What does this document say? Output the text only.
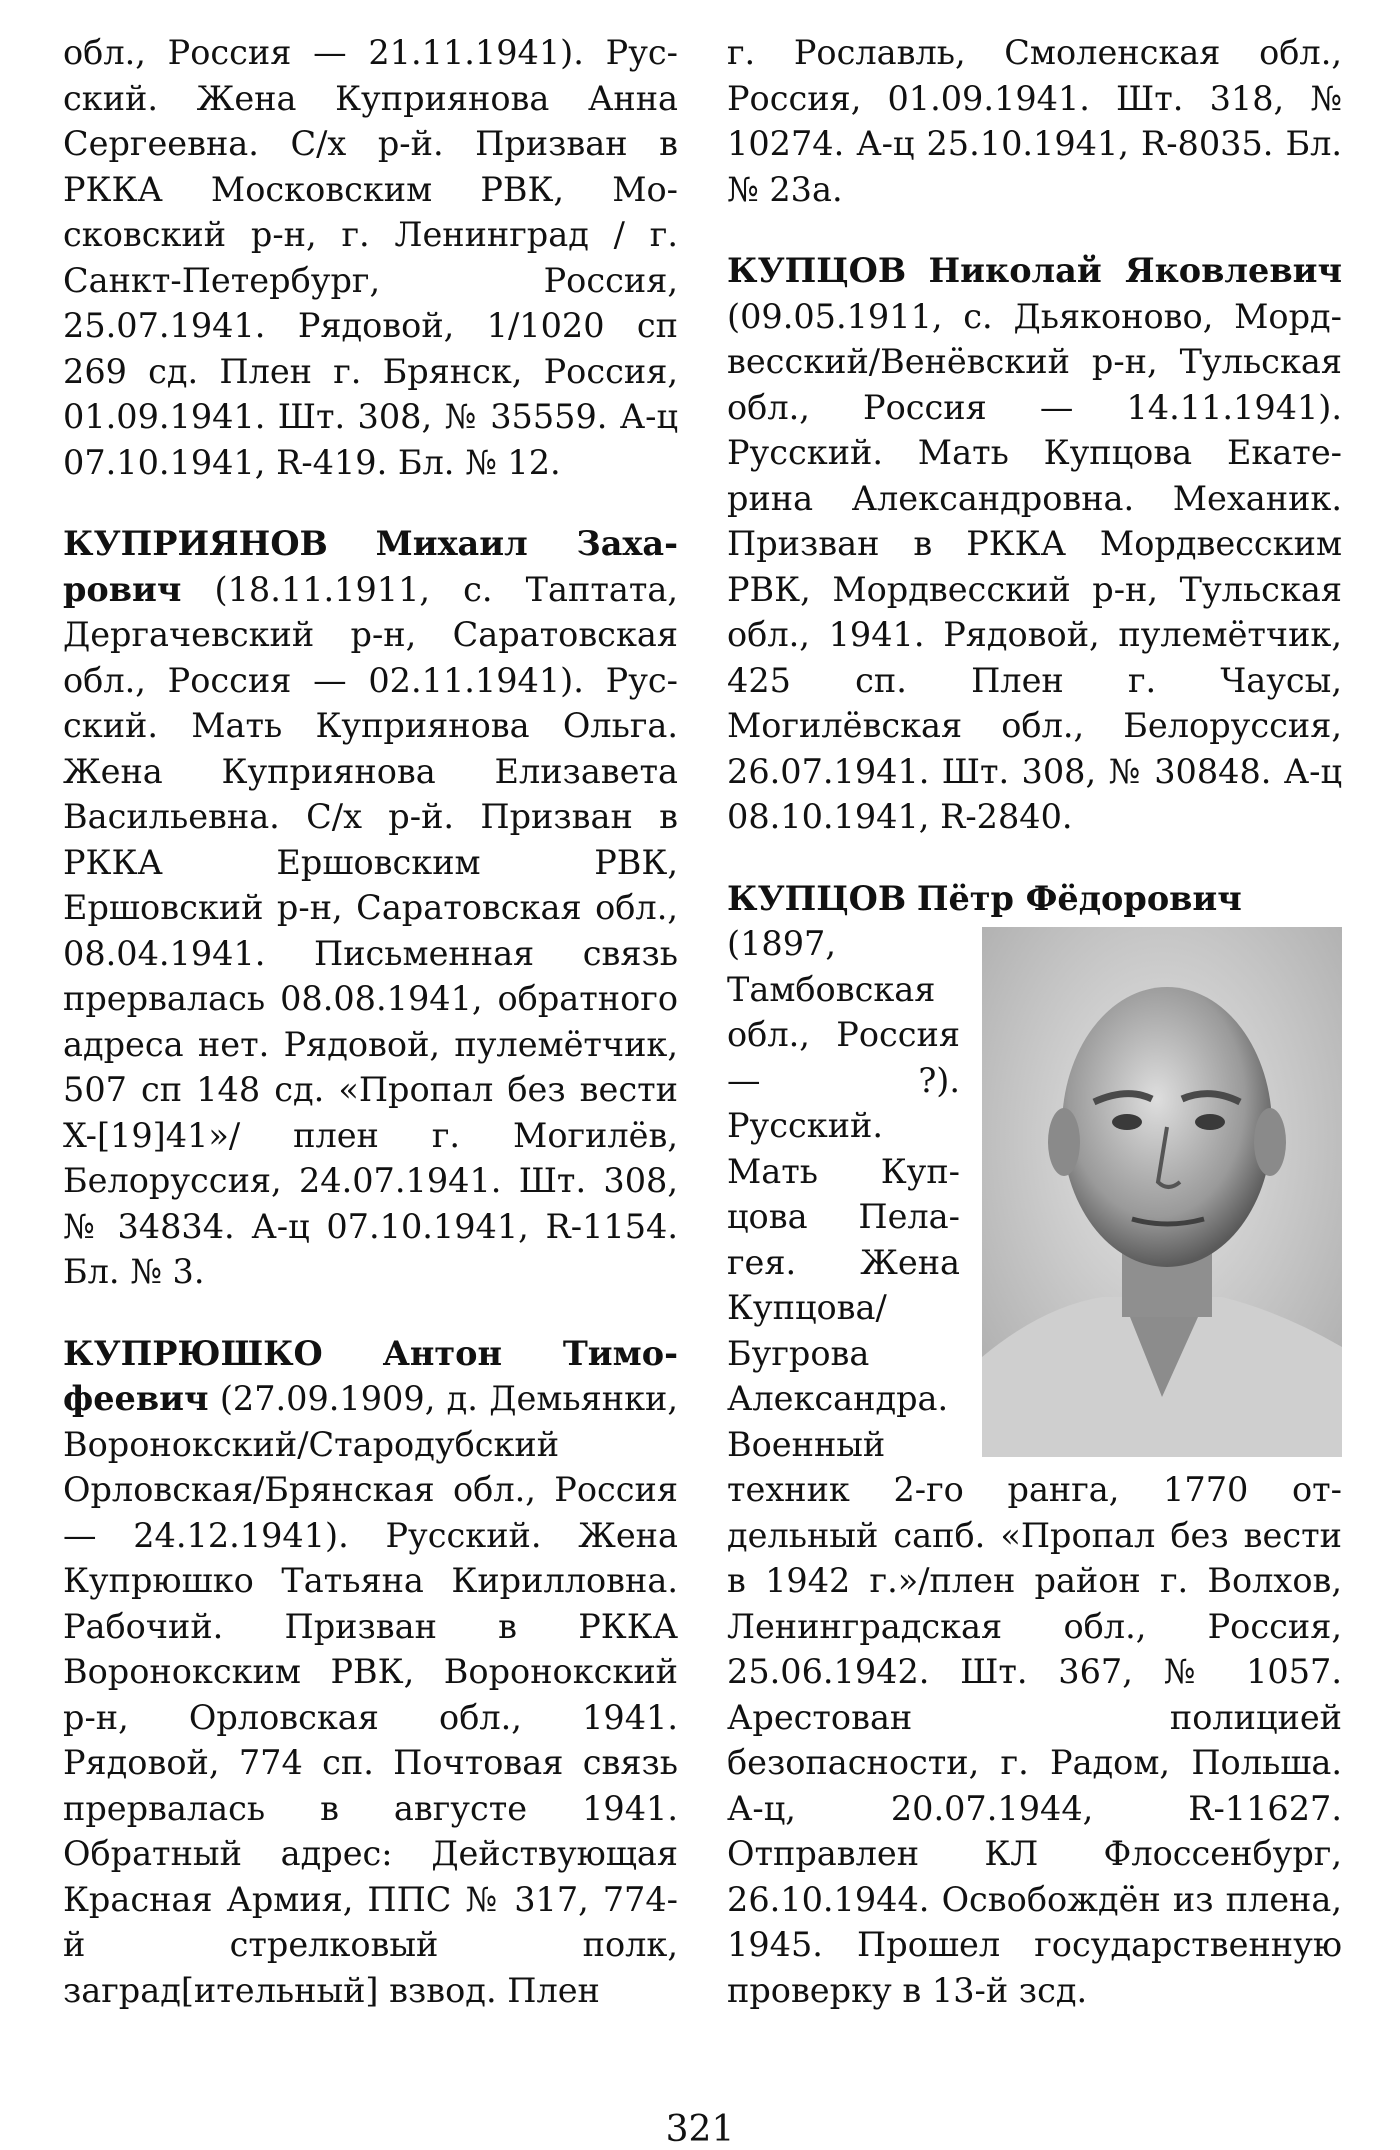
обл., Россия — 21.11.1941). Русский. Жена Куприянова Анна Сергеевна. С/х р-й. Призван в РККА Московским РВК, Московский р-н, г. Ленинград / г. Санкт-Петербург, Россия, 25.07.1941. Рядовой, 1/1020 сп 269 сд. Плен г. Брянск, Россия, 01.09.1941. Шт. 308, № 35559. А-ц 07.10.1941, R-419. Бл. № 12.

КУПРИЯНОВ Михаил Захарович (18.11.1911, с. Таптата, Дергачевский р-н, Саратовская обл., Россия — 02.11.1941). Русский. Мать Куприянова Ольга. Жена Куприянова Елизавета Васильевна. С/х р-й. Призван в РККА Ершовским РВК, Ершовский р-н, Саратовская обл., 08.04.1941. Письменная связь прервалась 08.08.1941, обратного адреса нет. Рядовой, пулемётчик, 507 сп 148 сд. «Пропал без вести X-[19]41»/ плен г. Могилёв, Белоруссия, 24.07.1941. Шт. 308, № 34834. А-ц 07.10.1941, R-1154. Бл. № 3.

КУПРЮШКО Антон Тимофеевич (27.09.1909, д. Демьянки, Воронокский/Стародубский Орловская/Брянская обл., Россия — 24.12.1941). Русский. Жена Купрюшко Татьяна Кирилловна. Рабочий. Призван в РККА Воронокским РВК, Воронокский р-н, Орловская обл., 1941. Рядовой, 774 сп. Почтовая связь прервалась в августе 1941. Обратный адрес: Действующая Красная Армия, ППС № 317, 774-й стрелковый полк, заград[ительный] взвод. Плен

г. Рославль, Смоленская обл., Россия, 01.09.1941. Шт. 318, № 10274. А-ц 25.10.1941, R-8035. Бл. № 23а.

КУПЦОВ Николай Яковлевич (09.05.1911, с. Дьяконово, Мордвесский/Венёвский р-н, Тульская обл., Россия — 14.11.1941). Русский. Мать Купцова Екатерина Александровна. Механик. Призван в РККА Мордвесским РВК, Мордвесский р-н, Тульская обл., 1941. Рядовой, пулемётчик, 425 сп. Плен г. Чаусы, Могилёвская обл., Белоруссия, 26.07.1941. Шт. 308, № 30848. А-ц 08.10.1941, R-2840.

КУПЦОВ Пётр Фёдорович

(1897, Тамбовская обл., Россия — ?). Русский. Мать Купцова Пелагея. Жена Купцова/ Бугрова Александра. Военный техник 2-го ранга, 1770 отдельный сапб. «Пропал без вести в 1942 г.»/плен район г. Волхов, Ленинградская обл., Россия, 25.06.1942. Шт. 367, № 1057. Арестован полицией безопасности, г. Радом, Польша. А-ц, 20.07.1944, R-11627. Отправлен КЛ Флоссенбург, 26.10.1944. Освобождён из плена, 1945. Прошел государственную проверку в 13-й зсд.

321
